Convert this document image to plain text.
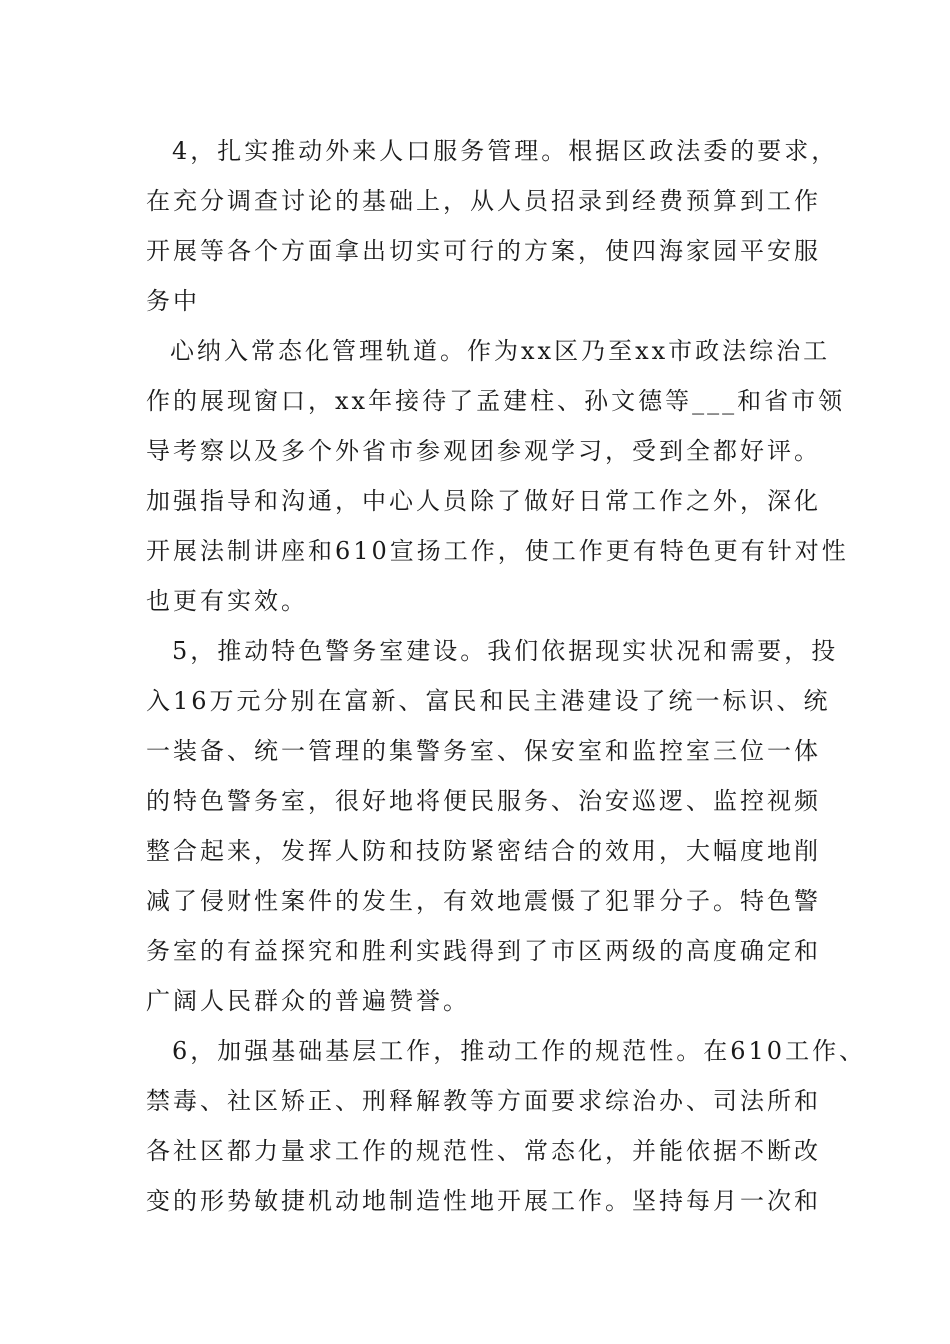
4，扎实推动外来人口服务管理。根据区政法委的要求，

在充分调查讨论的基础上，从人员招录到经费预算到工作

开展等各个方面拿出切实可行的方案，使四海家园平安服

务中

心纳入常态化管理轨道。作为xx区乃至xx市政法综治工

作的展现窗口，xx年接待了孟建柱、孙文德等___和省市领

导考察以及多个外省市参观团参观学习，受到全都好评。

加强指导和沟通，中心人员除了做好日常工作之外，深化

开展法制讲座和610宣扬工作，使工作更有特色更有针对性

也更有实效。

5，推动特色警务室建设。我们依据现实状况和需要，投

入16万元分别在富新、富民和民主港建设了统一标识、统

一装备、统一管理的集警务室、保安室和监控室三位一体

的特色警务室，很好地将便民服务、治安巡逻、监控视频

整合起来，发挥人防和技防紧密结合的效用，大幅度地削

减了侵财性案件的发生，有效地震慑了犯罪分子。特色警

务室的有益探究和胜利实践得到了市区两级的高度确定和

广阔人民群众的普遍赞誉。

6，加强基础基层工作，推动工作的规范性。在610工作、

禁毒、社区矫正、刑释解教等方面要求综治办、司法所和

各社区都力量求工作的规范性、常态化，并能依据不断改

变的形势敏捷机动地制造性地开展工作。坚持每月一次和
